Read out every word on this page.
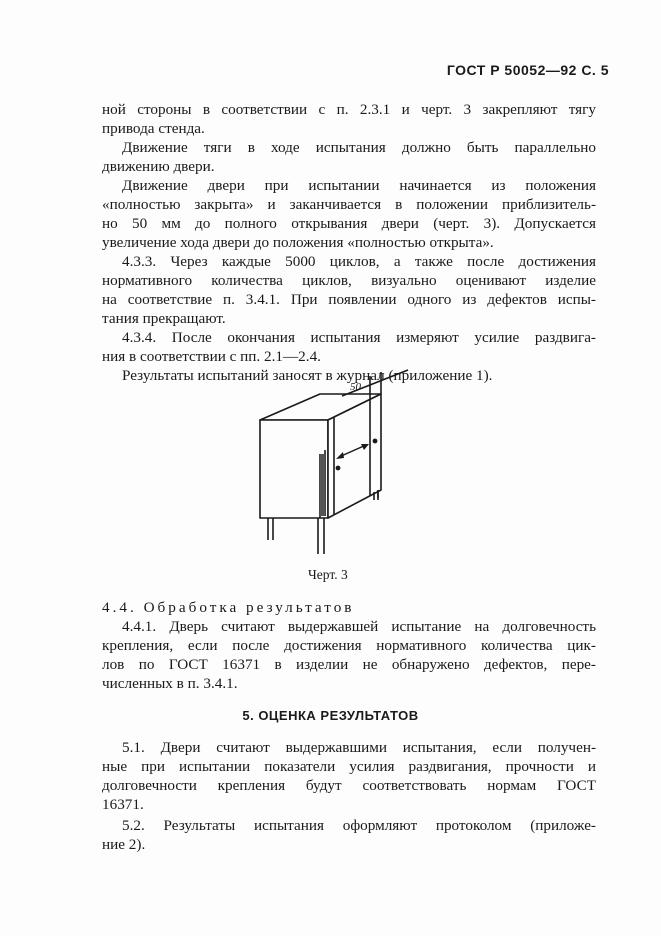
ГОСТ Р 50052—92 С. 5
ной стороны в соответствии с п. 2.3.1 и черт. 3 закрепляют тягу
привода стенда.
Движение тяги в ходе испытания должно быть параллельно
движению двери.
Движение двери при испытании начинается из положения
«полностью закрыта» и заканчивается в положении приблизитель-
но 50 мм до полного открывания двери (черт. 3). Допускается
увеличение хода двери до положения «полностью открыта».
4.3.3. Через каждые 5000 циклов, а также после достижения
нормативного количества циклов, визуально оценивают изделие
на соответствие п. 3.4.1. При появлении одного из дефектов испы-
тания прекращают.
4.3.4. После окончания испытания измеряют усилие раздвига-
ния в соответствии с пп. 2.1—2.4.
Результаты испытаний заносят в журнал (приложение 1).
50
Черт. 3
4.4. Обработка результатов
4.4.1. Дверь считают выдержавшей испытание на долговечность
крепления, если после достижения нормативного количества цик-
лов по ГОСТ 16371 в изделии не обнаружено дефектов, пере-
численных в п. 3.4.1.
5. ОЦЕНКА РЕЗУЛЬТАТОВ
5.1. Двери считают выдержавшими испытания, если получен-
ные при испытании показатели усилия раздвигания, прочности и
долговечности крепления будут соответствовать нормам ГОСТ
16371.
5.2. Результаты испытания оформляют протоколом (приложе-
ние 2).
